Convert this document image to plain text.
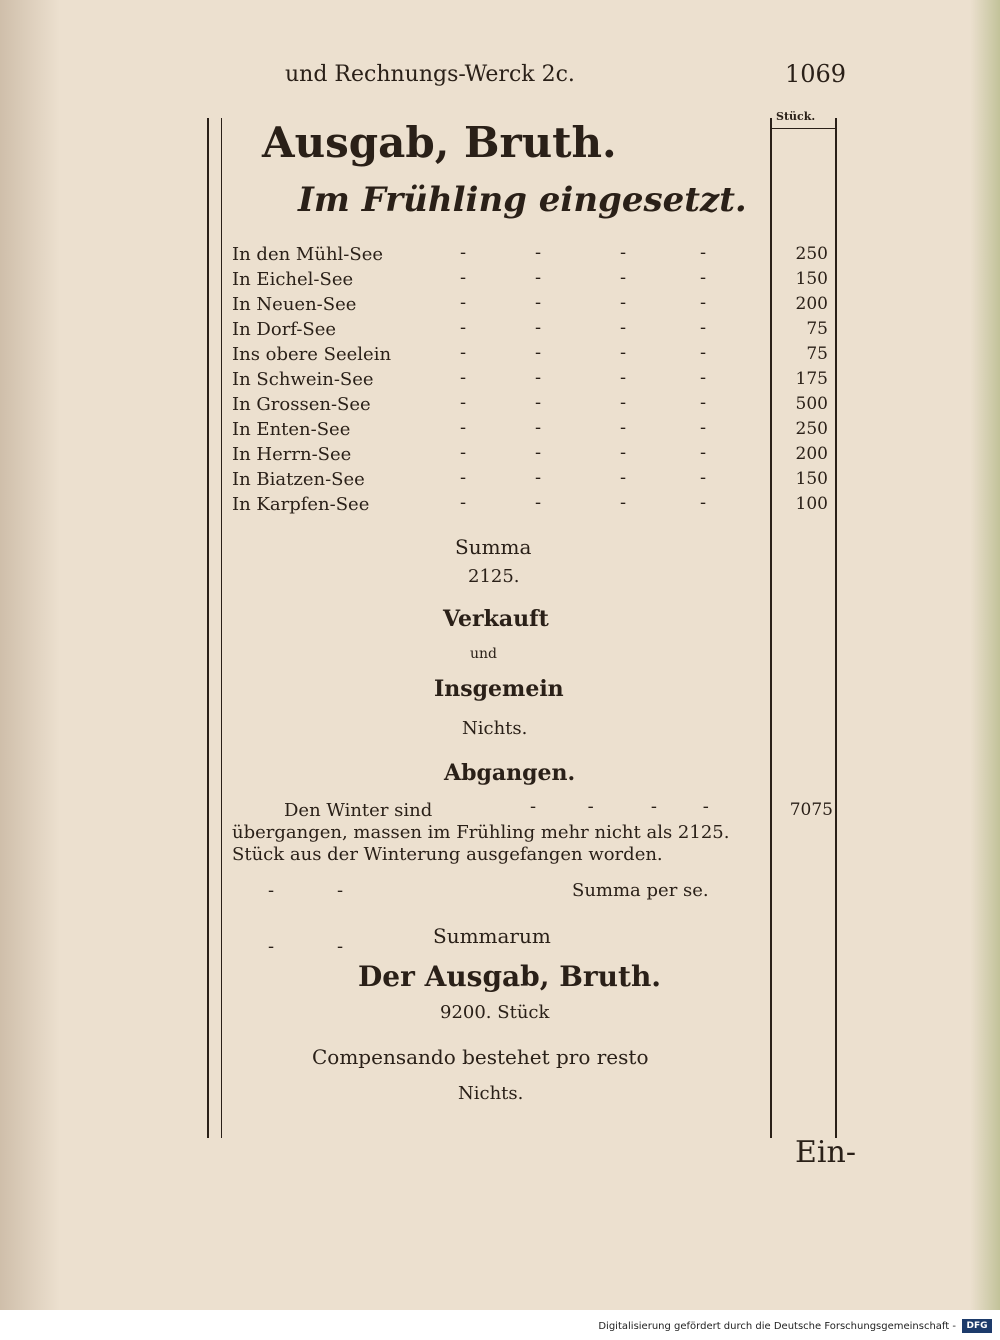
und Rechnungs-Werck 2c.	1069
Stück.
Ausgab, Bruth.
Im Frühling eingesetzt.
In den Mühl-See	-	-	-	-	250
In Eichel-See	-	-	-	-	150
In Neuen-See	-	-	-	-	200
In Dorf-See	-	-	-	-	75
Ins obere Seelein	-	-	-	-	75
In Schwein-See	-	-	-	-	175
In Grossen-See	-	-	-	-	500
In Enten-See	-	-	-	-	250
In Herrn-See	-	-	-	-	200
In Biatzen-See	-	-	-	-	150
In Karpfen-See	-	-	-	-	100
Summa
2125.
Verkauft
und
Insgemein
Nichts.
Abgangen.
Den Winter sind	-         -          -        -	7075
übergangen, massen im Frühling mehr nicht als 2125.
Stück aus der Winterung ausgefangen worden.
Summa per se.
-           -
Summarum
Der Ausgab, Bruth.
9200. Stück
-           -
Compensando bestehet pro resto
Nichts.
Ein-
Digitalisierung gefördert durch die Deutsche Forschungsgemeinschaft -	DFG
